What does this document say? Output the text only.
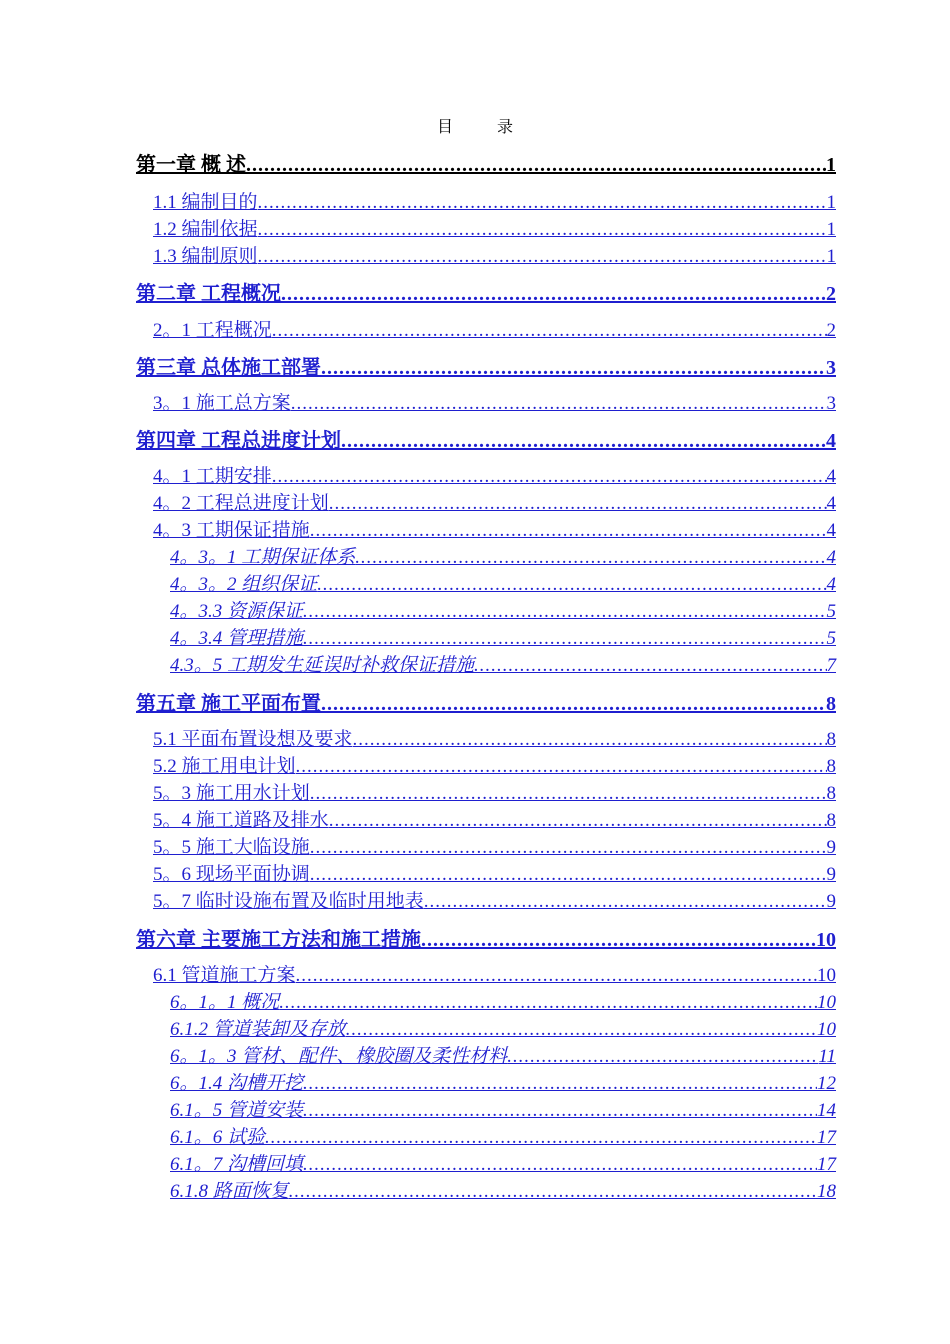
目	录
第一章 概 述 .....	1
1.1 编制目的 .....	1
1.2 编制依据 .....	1
1.3 编制原则 .....	1
第二章 工程概况 .....	2
2。1 工程概况 .....	2
第三章 总体施工部署 .....	3
3。1 施工总方案 .....	3
第四章 工程总进度计划 .....	4
4。1 工期安排 .....	4
4。2 工程总进度计划 .....	4
4。3 工期保证措施 .....	4
4。3。1 工期保证体系 .....	4
4。3。2 组织保证 .....	4
4。3.3 资源保证 .....	5
4。3.4 管理措施 .....	5
4.3。5 工期发生延误时补救保证措施 .....	7
第五章 施工平面布置 .....	8
5.1 平面布置设想及要求 .....	8
5.2 施工用电计划 .....	8
5。3 施工用水计划 .....	8
5。4 施工道路及排水 .....	8
5。5 施工大临设施 .....	9
5。6 现场平面协调 .....	9
5。7 临时设施布置及临时用地表 .....	9
第六章 主要施工方法和施工措施 .....	10
6.1 管道施工方案 .....	10
6。1。1 概况 .....	10
6.1.2 管道装卸及存放 .....	10
6。1。3 管材、配件、橡胶圈及柔性材料 .....	11
6。1.4 沟槽开挖 .....	12
6.1。5 管道安装 .....	14
6.1。6 试验 .....	17
6.1。7 沟槽回填 .....	17
6.1.8 路面恢复 .....	18
